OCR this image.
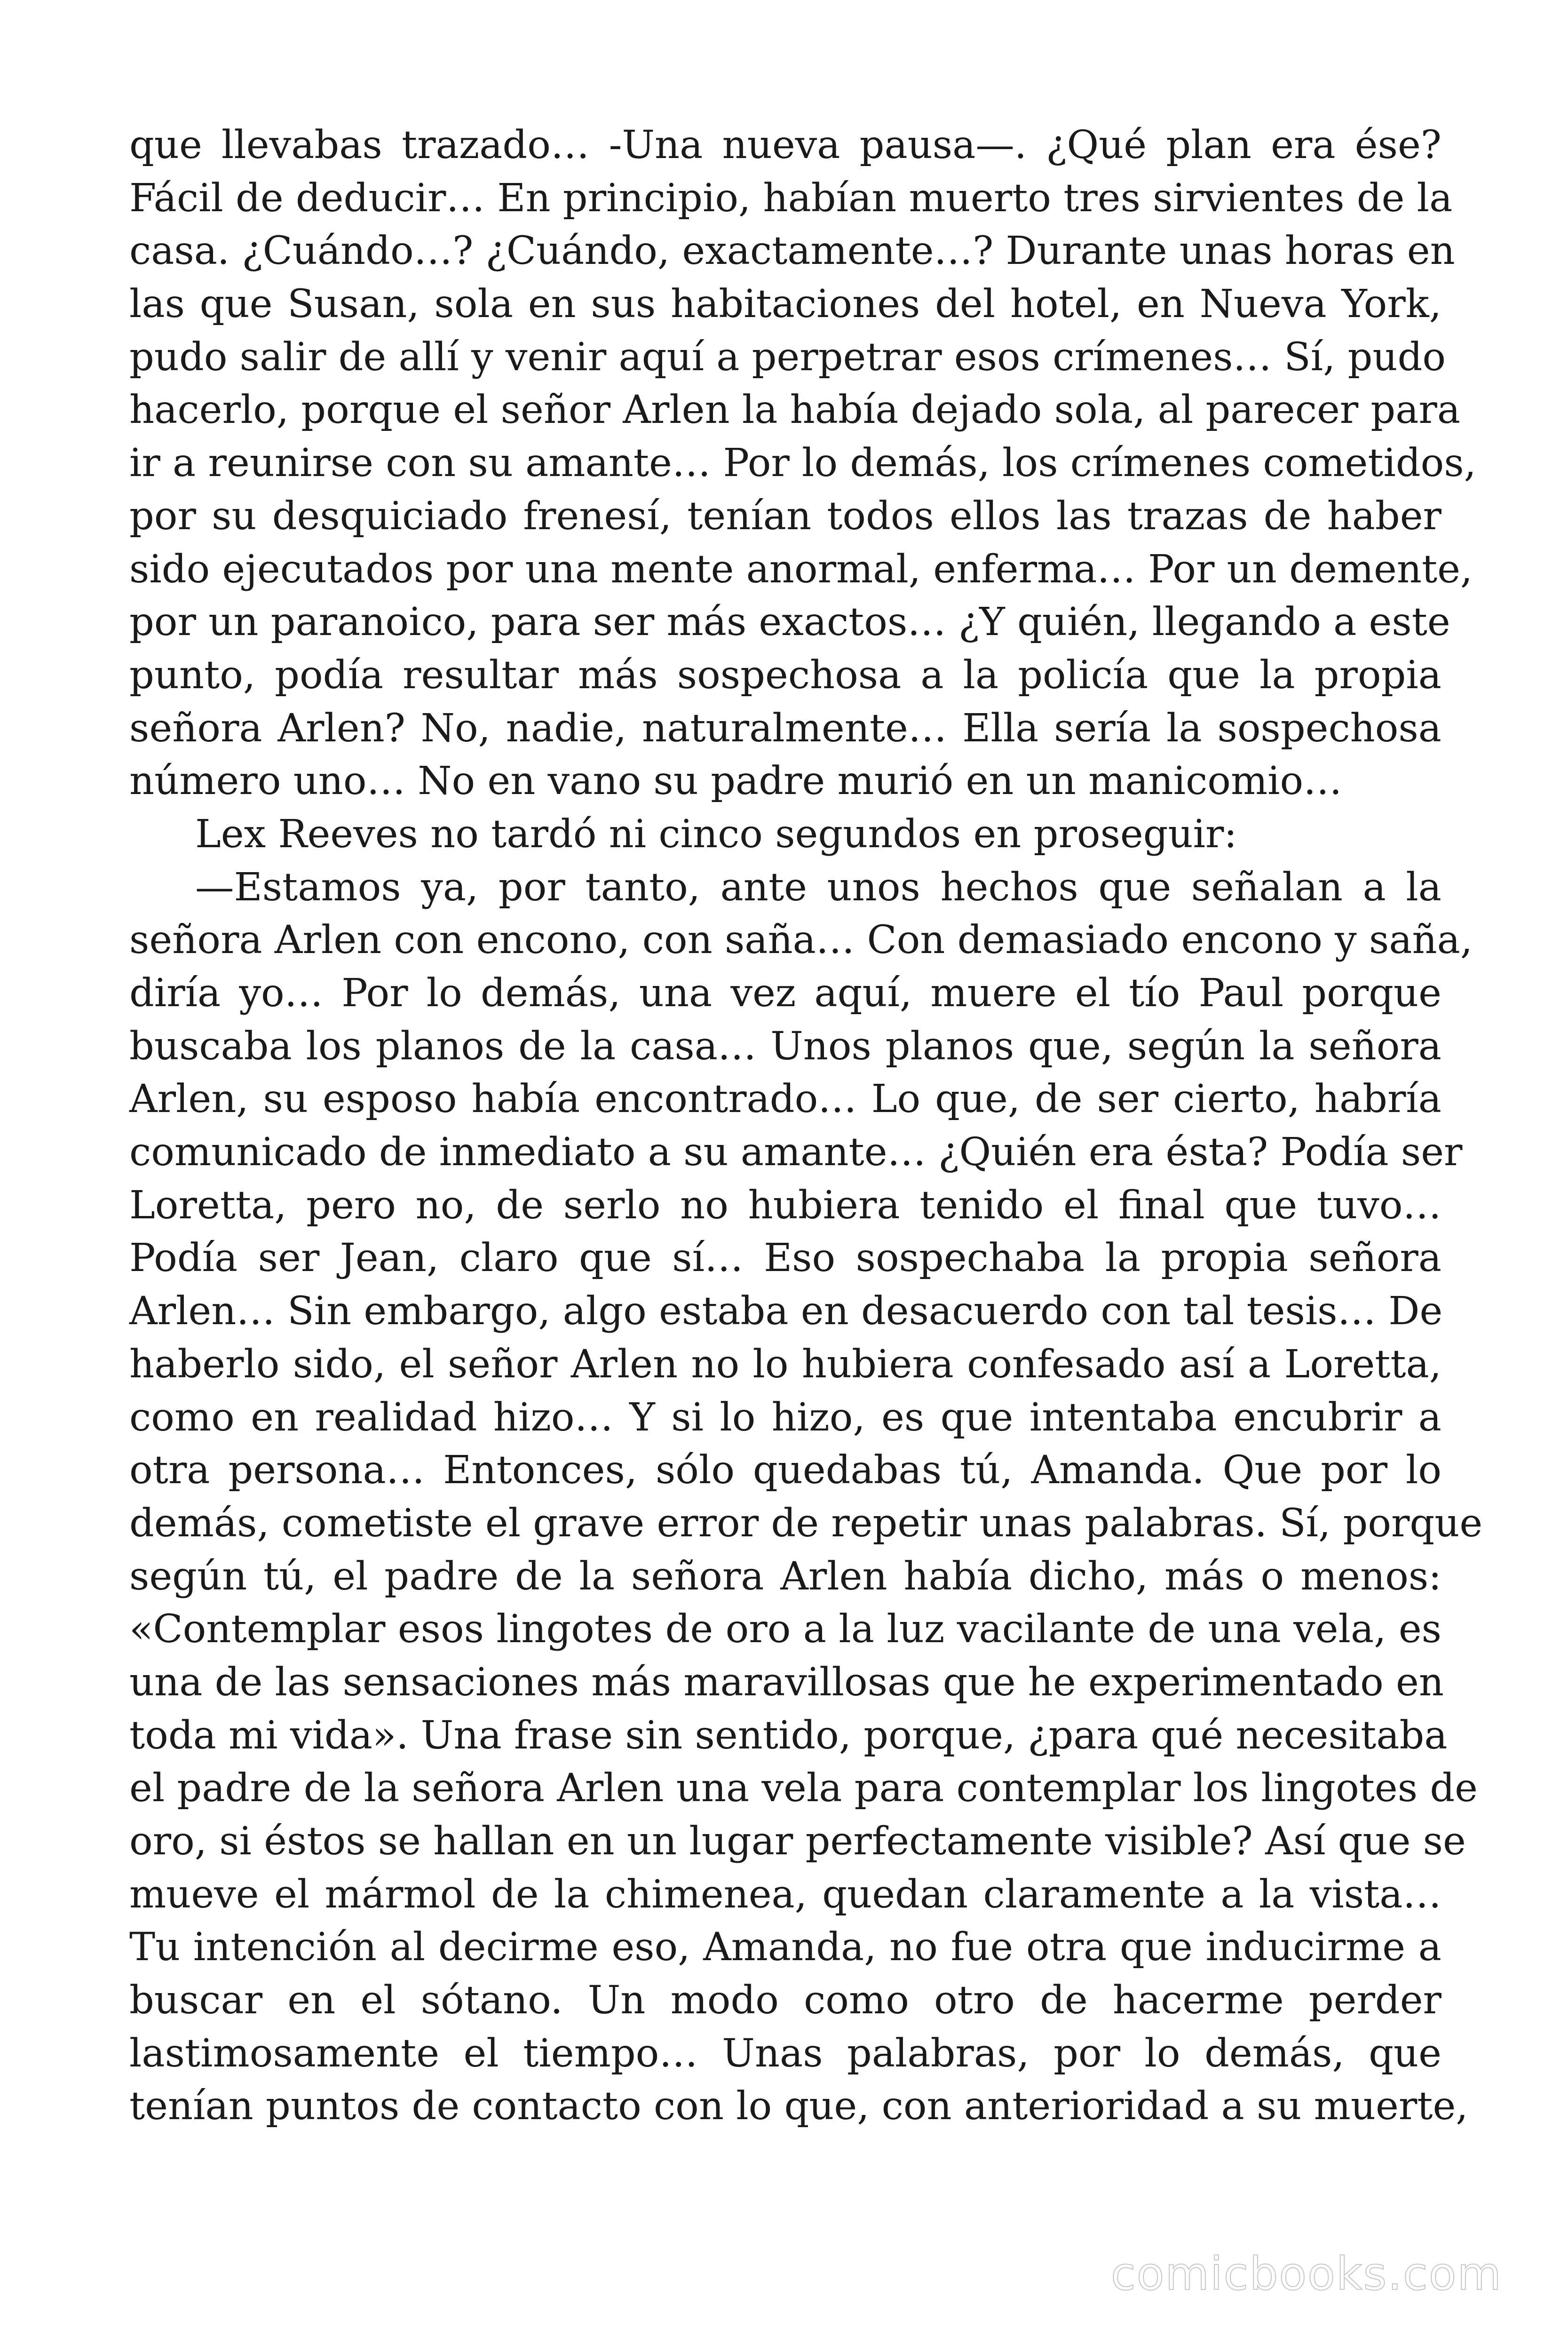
que llevabas trazado… -Una nueva pausa—. ¿Qué plan era ése?
Fácil de deducir… En principio, habían muerto tres sirvientes de la
casa. ¿Cuándo…? ¿Cuándo, exactamente…? Durante unas horas en
las que Susan, sola en sus habitaciones del hotel, en Nueva York,
pudo salir de allí y venir aquí a perpetrar esos crímenes… Sí, pudo
hacerlo, porque el señor Arlen la había dejado sola, al parecer para
ir a reunirse con su amante… Por lo demás, los crímenes cometidos,
por su desquiciado frenesí, tenían todos ellos las trazas de haber
sido ejecutados por una mente anormal, enferma… Por un demente,
por un paranoico, para ser más exactos… ¿Y quién, llegando a este
punto, podía resultar más sospechosa a la policía que la propia
señora Arlen? No, nadie, naturalmente… Ella sería la sospechosa
número uno… No en vano su padre murió en un manicomio…
Lex Reeves no tardó ni cinco segundos en proseguir:
—Estamos ya, por tanto, ante unos hechos que señalan a la
señora Arlen con encono, con saña… Con demasiado encono y saña,
diría yo… Por lo demás, una vez aquí, muere el tío Paul porque
buscaba los planos de la casa… Unos planos que, según la señora
Arlen, su esposo había encontrado… Lo que, de ser cierto, habría
comunicado de inmediato a su amante… ¿Quién era ésta? Podía ser
Loretta, pero no, de serlo no hubiera tenido el final que tuvo…
Podía ser Jean, claro que sí… Eso sospechaba la propia señora
Arlen… Sin embargo, algo estaba en desacuerdo con tal tesis… De
haberlo sido, el señor Arlen no lo hubiera confesado así a Loretta,
como en realidad hizo… Y si lo hizo, es que intentaba encubrir a
otra persona… Entonces, sólo quedabas tú, Amanda. Que por lo
demás, cometiste el grave error de repetir unas palabras. Sí, porque
según tú, el padre de la señora Arlen había dicho, más o menos:
«Contemplar esos lingotes de oro a la luz vacilante de una vela, es
una de las sensaciones más maravillosas que he experimentado en
toda mi vida». Una frase sin sentido, porque, ¿para qué necesitaba
el padre de la señora Arlen una vela para contemplar los lingotes de
oro, si éstos se hallan en un lugar perfectamente visible? Así que se
mueve el mármol de la chimenea, quedan claramente a la vista…
Tu intención al decirme eso, Amanda, no fue otra que inducirme a
buscar en el sótano. Un modo como otro de hacerme perder
lastimosamente el tiempo… Unas palabras, por lo demás, que
tenían puntos de contacto con lo que, con anterioridad a su muerte,
comicbooks.com
